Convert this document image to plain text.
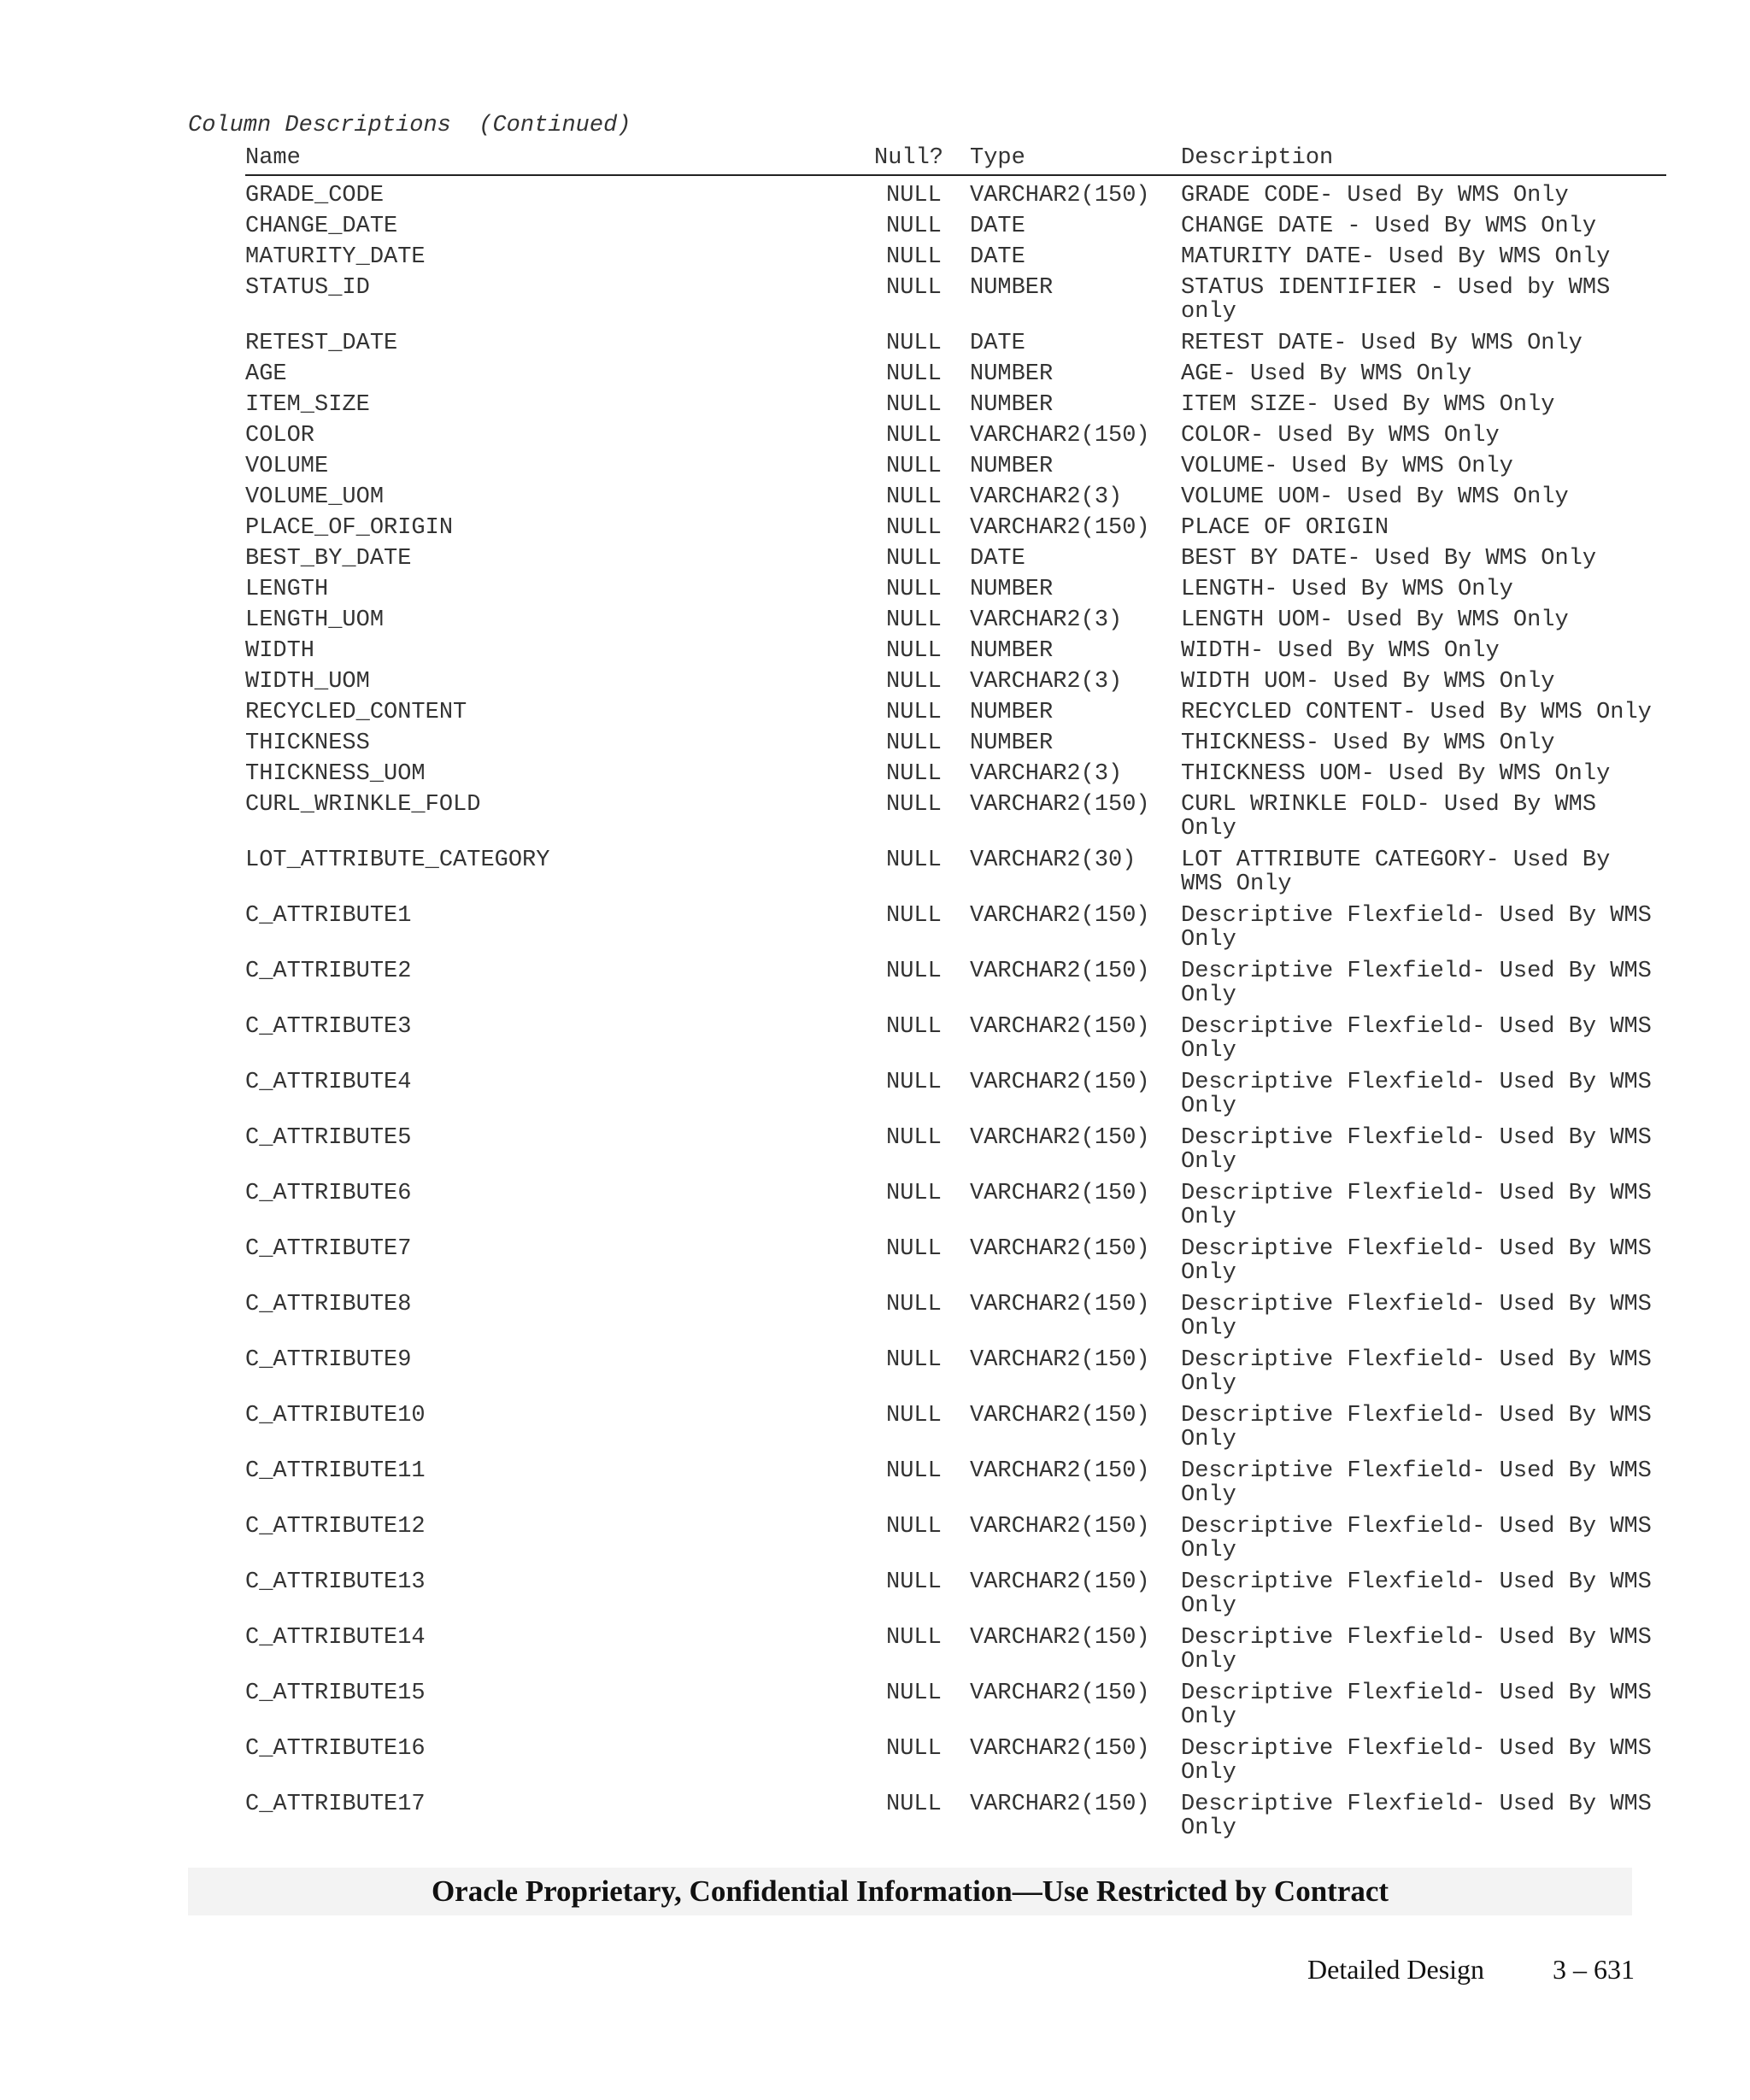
Column Descriptions (Continued)
Name	Null? Type	Description
GRADE_CODE	NULL VARCHAR2(150) GRADE CODE- Used By WMS Only
CHANGE_DATE	NULL DATE	CHANGE DATE - Used By WMS Only
MATURITY_DATE	NULL DATE	MATURITY DATE- Used By WMS Only
STATUS_ID	NULL NUMBER	STATUS IDENTIFIER - Used by WMS only
RETEST_DATE	NULL DATE	RETEST DATE- Used By WMS Only
AGE	NULL NUMBER	AGE- Used By WMS Only
ITEM_SIZE	NULL NUMBER	ITEM SIZE- Used By WMS Only
COLOR	NULL VARCHAR2(150) COLOR- Used By WMS Only
VOLUME	NULL NUMBER	VOLUME- Used By WMS Only
VOLUME_UOM	NULL VARCHAR2(3)	VOLUME UOM- Used By WMS Only
PLACE_OF_ORIGIN	NULL VARCHAR2(150) PLACE OF ORIGIN
BEST_BY_DATE	NULL DATE	BEST BY DATE- Used By WMS Only
LENGTH	NULL NUMBER	LENGTH- Used By WMS Only
LENGTH_UOM	NULL VARCHAR2(3)	LENGTH UOM- Used By WMS Only
WIDTH	NULL NUMBER	WIDTH- Used By WMS Only
WIDTH_UOM	NULL VARCHAR2(3)	WIDTH UOM- Used By WMS Only
RECYCLED_CONTENT	NULL NUMBER	RECYCLED CONTENT- Used By WMS Only
THICKNESS	NULL NUMBER	THICKNESS- Used By WMS Only
THICKNESS_UOM	NULL VARCHAR2(3)	THICKNESS UOM- Used By WMS Only
CURL_WRINKLE_FOLD	NULL VARCHAR2(150) CURL WRINKLE FOLD- Used By WMS Only
LOT_ATTRIBUTE_CATEGORY	NULL VARCHAR2(30) LOT ATTRIBUTE CATEGORY- Used By WMS Only
C_ATTRIBUTE1	NULL VARCHAR2(150) Descriptive Flexfield- Used By WMS Only
C_ATTRIBUTE2	NULL VARCHAR2(150) Descriptive Flexfield- Used By WMS Only
C_ATTRIBUTE3	NULL VARCHAR2(150) Descriptive Flexfield- Used By WMS Only
C_ATTRIBUTE4	NULL VARCHAR2(150) Descriptive Flexfield- Used By WMS Only
C_ATTRIBUTE5	NULL VARCHAR2(150) Descriptive Flexfield- Used By WMS Only
C_ATTRIBUTE6	NULL VARCHAR2(150) Descriptive Flexfield- Used By WMS Only
C_ATTRIBUTE7	NULL VARCHAR2(150) Descriptive Flexfield- Used By WMS Only
C_ATTRIBUTE8	NULL VARCHAR2(150) Descriptive Flexfield- Used By WMS Only
C_ATTRIBUTE9	NULL VARCHAR2(150) Descriptive Flexfield- Used By WMS Only
C_ATTRIBUTE10	NULL VARCHAR2(150) Descriptive Flexfield- Used By WMS Only
C_ATTRIBUTE11	NULL VARCHAR2(150) Descriptive Flexfield- Used By WMS Only
C_ATTRIBUTE12	NULL VARCHAR2(150) Descriptive Flexfield- Used By WMS Only
C_ATTRIBUTE13	NULL VARCHAR2(150) Descriptive Flexfield- Used By WMS Only
C_ATTRIBUTE14	NULL VARCHAR2(150) Descriptive Flexfield- Used By WMS Only
C_ATTRIBUTE15	NULL VARCHAR2(150) Descriptive Flexfield- Used By WMS Only
C_ATTRIBUTE16	NULL VARCHAR2(150) Descriptive Flexfield- Used By WMS Only
C_ATTRIBUTE17	NULL VARCHAR2(150) Descriptive Flexfield- Used By WMS Only
Oracle Proprietary, Confidential Information––Use Restricted by Contract
Detailed Design 3 – 631
